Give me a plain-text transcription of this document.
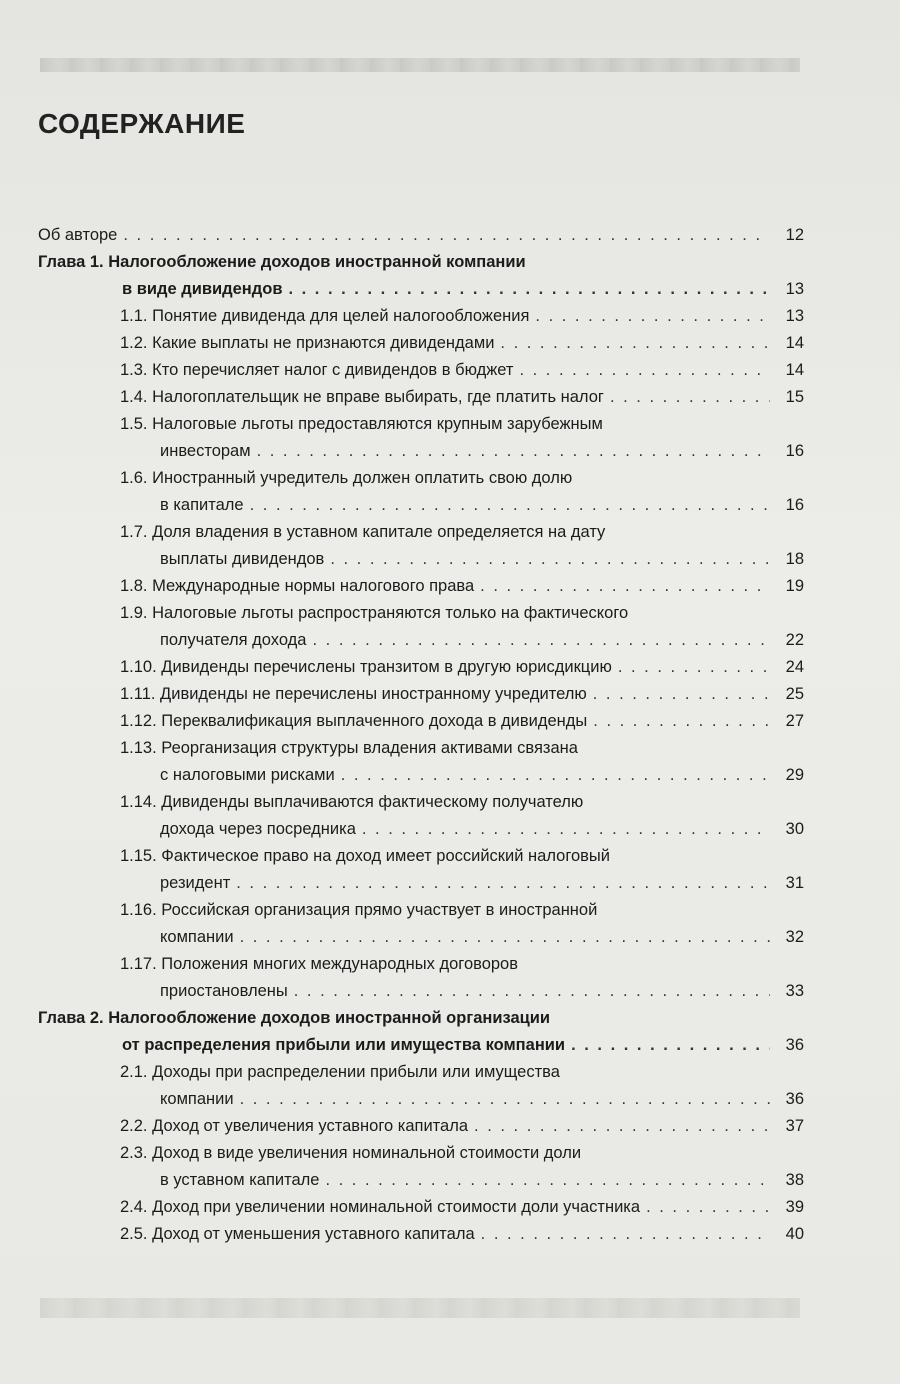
СОДЕРЖАНИЕ
Об авторе . . .	12
Глава 1. Налогообложение доходов иностранной компании
в виде дивидендов . . .	13
1.1. Понятие дивиденда для целей налогообложения . . .	13
1.2. Какие выплаты не признаются дивидендами . . .	14
1.3. Кто перечисляет налог с дивидендов в бюджет . . .	14
1.4. Налогоплательщик не вправе выбирать, где платить налог . . .	15
1.5. Налоговые льготы предоставляются крупным зарубежным
инвесторам . . .	16
1.6. Иностранный учредитель должен оплатить свою долю
в капитале . . .	16
1.7. Доля владения в уставном капитале определяется на дату
выплаты дивидендов . . .	18
1.8. Международные нормы налогового права . . .	19
1.9. Налоговые льготы распространяются только на фактического
получателя дохода . . .	22
1.10. Дивиденды перечислены транзитом в другую юрисдикцию . . .	24
1.11. Дивиденды не перечислены иностранному учредителю . . .	25
1.12. Переквалификация выплаченного дохода в дивиденды . . .	27
1.13. Реорганизация структуры владения активами связана
с налоговыми рисками . . .	29
1.14. Дивиденды выплачиваются фактическому получателю
дохода через посредника . . .	30
1.15. Фактическое право на доход имеет российский налоговый
резидент . . .	31
1.16. Российская организация прямо участвует в иностранной
компании . . .	32
1.17. Положения многих международных договоров
приостановлены . . .	33
Глава 2. Налогообложение доходов иностранной организации
от распределения прибыли или имущества компании . . .	36
2.1. Доходы при распределении прибыли или имущества
компании . . .	36
2.2. Доход от увеличения уставного капитала . . .	37
2.3. Доход в виде увеличения номинальной стоимости доли
в уставном капитале . . .	38
2.4. Доход при увеличении номинальной стоимости доли участника . . .	39
2.5. Доход от уменьшения уставного капитала . . .	40
